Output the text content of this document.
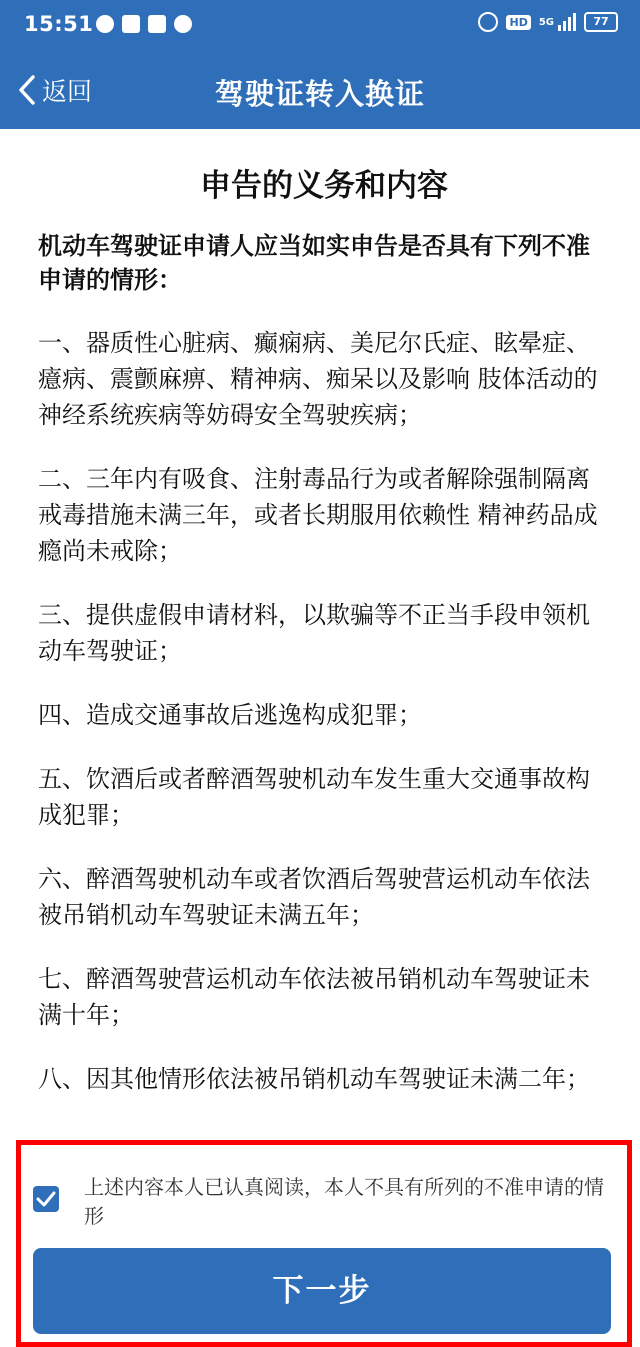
15:51	HD	5G	77
驾驶证转入换证
返回
申告的义务和内容
机动车驾驶证申请人应当如实申告是否具有下列不准申请的情形：
一、器质性心脏病、癫痫病、美尼尔氏症、眩晕症、癔病、震颤麻痹、精神病、痴呆以及影响 肢体活动的神经系统疾病等妨碍安全驾驶疾病；
二、三年内有吸食、注射毒品行为或者解除强制隔离戒毒措施未满三年，或者长期服用依赖性 精神药品成瘾尚未戒除；
三、提供虚假申请材料，以欺骗等不正当手段申领机动车驾驶证；
四、造成交通事故后逃逸构成犯罪；
五、饮酒后或者醉酒驾驶机动车发生重大交通事故构成犯罪；
六、醉酒驾驶机动车或者饮酒后驾驶营运机动车依法被吊销机动车驾驶证未满五年；
七、醉酒驾驶营运机动车依法被吊销机动车驾驶证未满十年；
八、因其他情形依法被吊销机动车驾驶证未满二年；
上述内容本人已认真阅读，本人不具有所列的不准申请的情形
下一步
